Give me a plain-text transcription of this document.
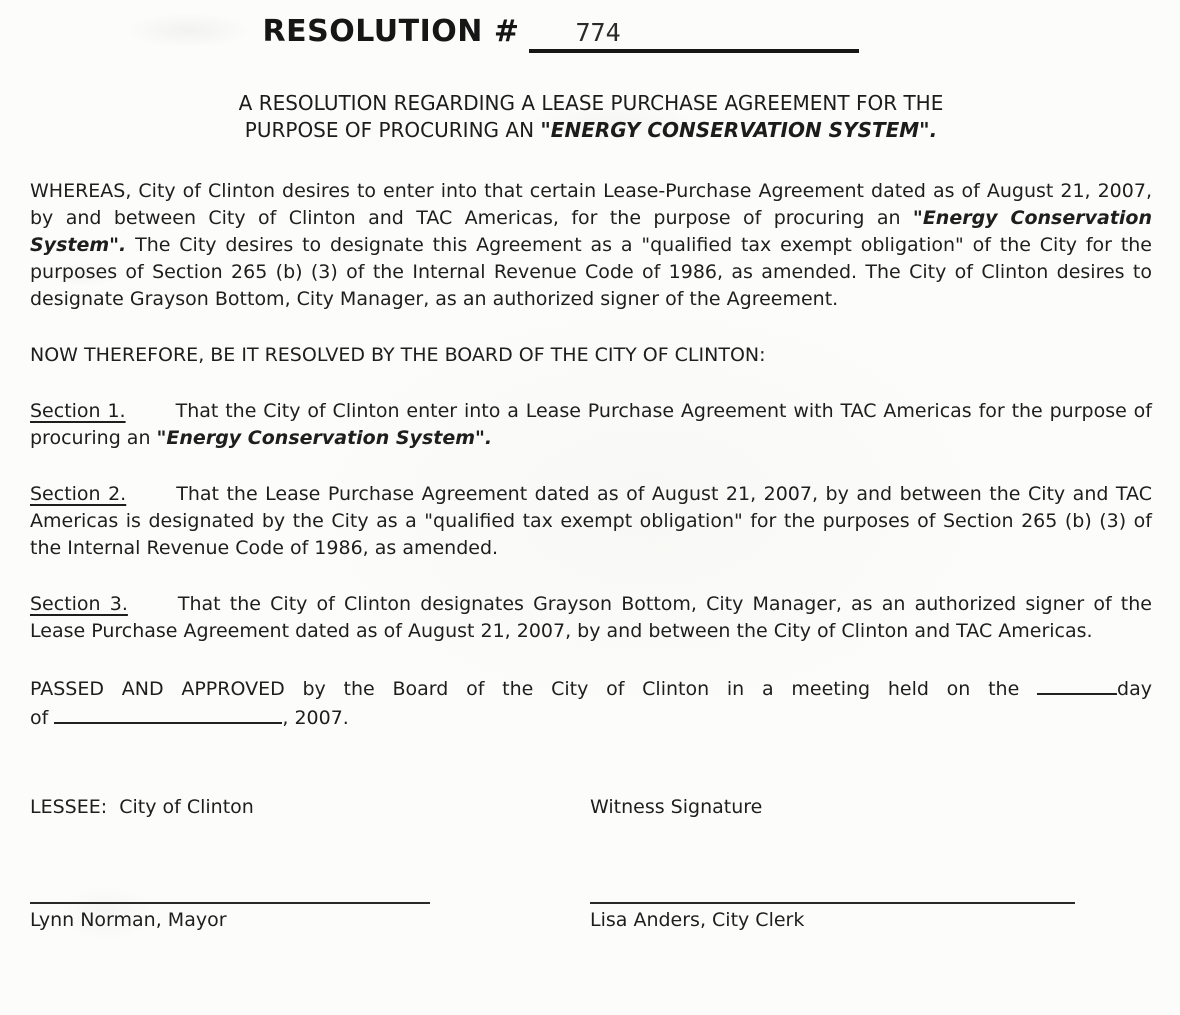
RESOLUTION # 774
A RESOLUTION REGARDING A LEASE PURCHASE AGREEMENT FOR THE
PURPOSE OF PROCURING AN "ENERGY CONSERVATION SYSTEM".

WHEREAS, City of Clinton desires to enter into that certain Lease-Purchase Agreement dated as of August 21, 2007, by and between City of Clinton and TAC Americas, for the purpose of procuring an "Energy Conservation System". The City desires to designate this Agreement as a "qualified tax exempt obligation" of the City for the purposes of Section 265 (b) (3) of the Internal Revenue Code of 1986, as amended. The City of Clinton desires to designate Grayson Bottom, City Manager, as an authorized signer of the Agreement.

NOW THEREFORE, BE IT RESOLVED BY THE BOARD OF THE CITY OF CLINTON:

Section 1.	That the City of Clinton enter into a Lease Purchase Agreement with TAC Americas for the purpose of procuring an "Energy Conservation System".

Section 2.	That the Lease Purchase Agreement dated as of August 21, 2007, by and between the City and TAC Americas is designated by the City as a "qualified tax exempt obligation" for the purposes of Section 265 (b) (3) of the Internal Revenue Code of 1986, as amended.

Section 3.	That the City of Clinton designates Grayson Bottom, City Manager, as an authorized signer of the Lease Purchase Agreement dated as of August 21, 2007, by and between the City of Clinton and TAC Americas.

PASSED AND APPROVED by the Board of the City of Clinton in a meeting held on the	day
of	, 2007.
LESSEE:  City of Clinton	Witness Signature
Lynn Norman, Mayor	Lisa Anders, City Clerk
